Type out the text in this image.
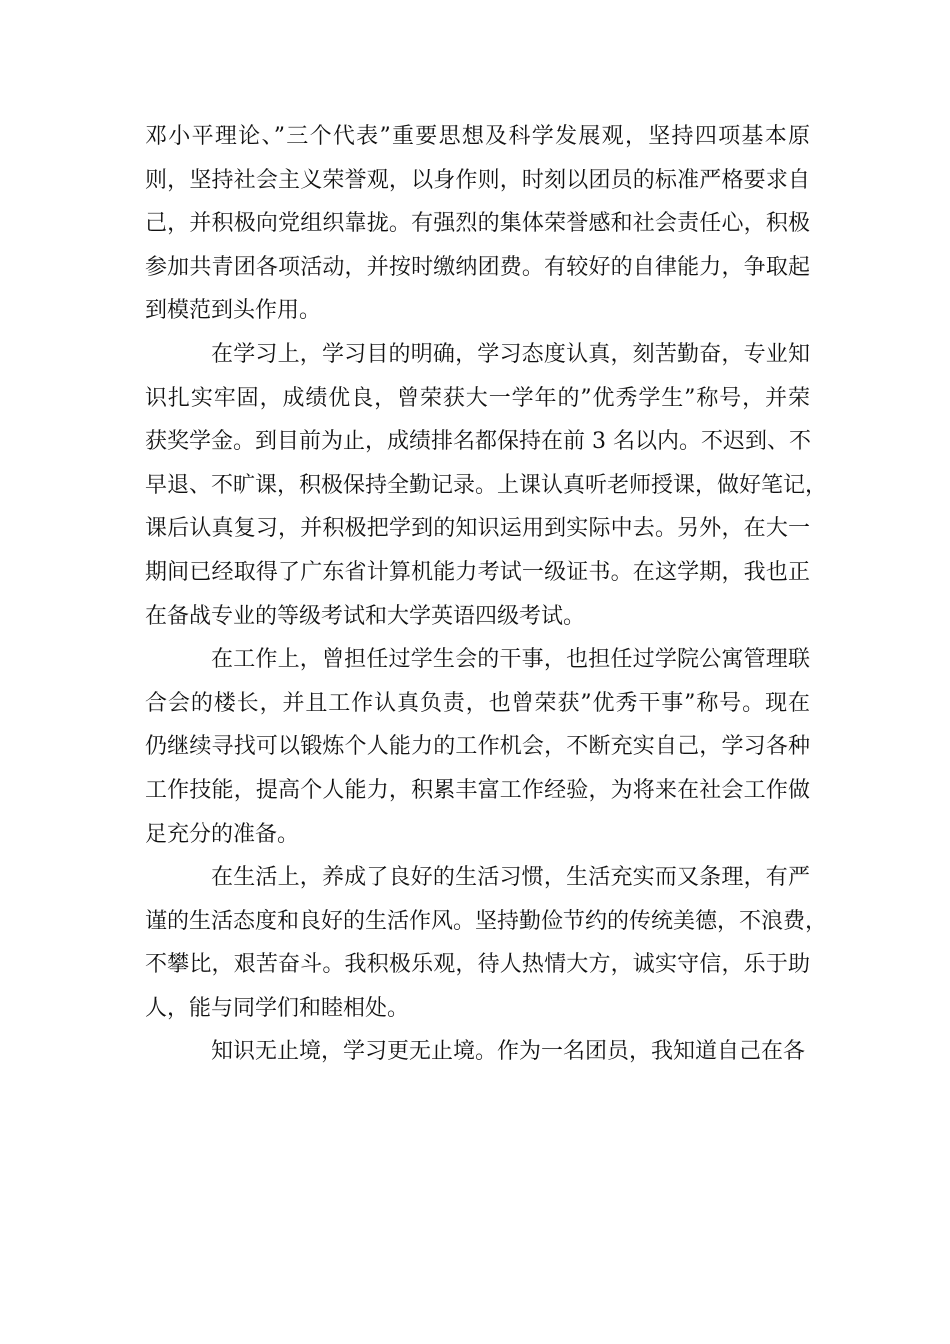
邓小平理论、”三个代表”重要思想及科学发展观，坚持四项基本原
则，坚持社会主义荣誉观，以身作则，时刻以团员的标准严格要求自
己，并积极向党组织靠拢。有强烈的集体荣誉感和社会责任心，积极
参加共青团各项活动，并按时缴纳团费。有较好的自律能力，争取起
到模范到头作用。
在学习上，学习目的明确，学习态度认真，刻苦勤奋，专业知
识扎实牢固，成绩优良，曾荣获大一学年的”优秀学生”称号，并荣
获奖学金。到目前为止，成绩排名都保持在前 3 名以内。不迟到、不
早退、不旷课，积极保持全勤记录。上课认真听老师授课，做好笔记，
课后认真复习，并积极把学到的知识运用到实际中去。另外，在大一
期间已经取得了广东省计算机能力考试一级证书。在这学期，我也正
在备战专业的等级考试和大学英语四级考试。
在工作上，曾担任过学生会的干事，也担任过学院公寓管理联
合会的楼长，并且工作认真负责，也曾荣获”优秀干事”称号。现在
仍继续寻找可以锻炼个人能力的工作机会，不断充实自己，学习各种
工作技能，提高个人能力，积累丰富工作经验，为将来在社会工作做
足充分的准备。
在生活上，养成了良好的生活习惯，生活充实而又条理，有严
谨的生活态度和良好的生活作风。坚持勤俭节约的传统美德，不浪费，
不攀比，艰苦奋斗。我积极乐观，待人热情大方，诚实守信，乐于助
人，能与同学们和睦相处。
知识无止境，学习更无止境。作为一名团员，我知道自己在各
